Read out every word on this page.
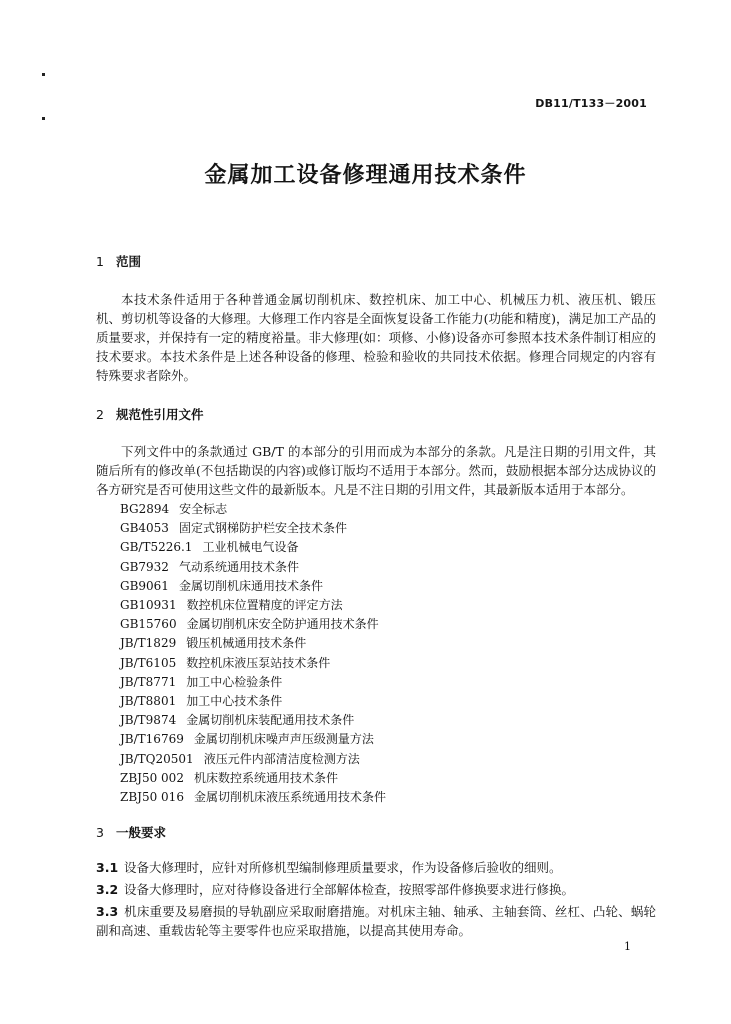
DB11/T133－2001
金属加工设备修理通用技术条件
1 范围
本技术条件适用于各种普通金属切削机床、数控机床、加工中心、机械压力机、液压机、锻压机、剪切机等设备的大修理。大修理工作内容是全面恢复设备工作能力(功能和精度)，满足加工产品的质量要求，并保持有一定的精度裕量。非大修理(如：项修、小修)设备亦可参照本技术条件制订相应的技术要求。本技术条件是上述各种设备的修理、检验和验收的共同技术依据。修理合同规定的内容有特殊要求者除外。
2 规范性引用文件
下列文件中的条款通过 GB/T 的本部分的引用而成为本部分的条款。凡是注日期的引用文件，其随后所有的修改单(不包括勘误的内容)或修订版均不适用于本部分。然而，鼓励根据本部分达成协议的各方研究是否可使用这些文件的最新版本。凡是不注日期的引用文件，其最新版本适用于本部分。
BG2894 安全标志
GB4053 固定式钢梯防护栏安全技术条件
GB/T5226.1 工业机械电气设备
GB7932 气动系统通用技术条件
GB9061 金属切削机床通用技术条件
GB10931 数控机床位置精度的评定方法
GB15760 金属切削机床安全防护通用技术条件
JB/T1829 锻压机械通用技术条件
JB/T6105 数控机床液压泵站技术条件
JB/T8771 加工中心检验条件
JB/T8801 加工中心技术条件
JB/T9874 金属切削机床装配通用技术条件
JB/T16769 金属切削机床噪声声压级测量方法
JB/TQ20501 液压元件内部清洁度检测方法
ZBJ50 002 机床数控系统通用技术条件
ZBJ50 016 金属切削机床液压系统通用技术条件
3 一般要求
3.1 设备大修理时，应针对所修机型编制修理质量要求，作为设备修后验收的细则。
3.2 设备大修理时，应对待修设备进行全部解体检查，按照零部件修换要求进行修换。
3.3 机床重要及易磨损的导轨副应采取耐磨措施。对机床主轴、轴承、主轴套筒、丝杠、凸轮、蜗轮副和高速、重载齿轮等主要零件也应采取措施，以提高其使用寿命。
1
